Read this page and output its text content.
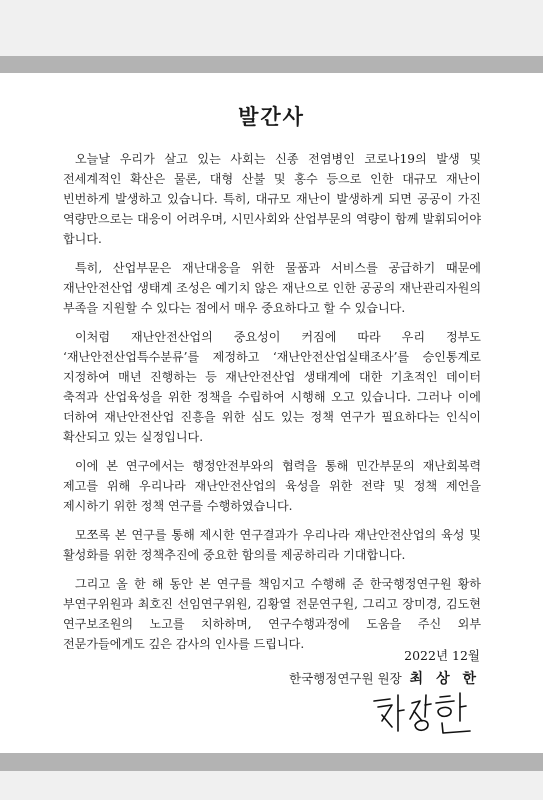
발간사

오늘날 우리가 살고 있는 사회는 신종 전염병인 코로나19의 발생 및 전세계적인 확산은 물론, 대형 산불 및 홍수 등으로 인한 대규모 재난이 빈번하게 발생하고 있습니다. 특히, 대규모 재난이 발생하게 되면 공공이 가진 역량만으로는 대응이 어려우며, 시민사회와 산업부문의 역량이 함께 발휘되어야 합니다.

특히, 산업부문은 재난대응을 위한 물품과 서비스를 공급하기 때문에 재난안전산업 생태계 조성은 예기치 않은 재난으로 인한 공공의 재난관리자원의 부족을 지원할 수 있다는 점에서 매우 중요하다고 할 수 있습니다.

이처럼 재난안전산업의 중요성이 커짐에 따라 우리 정부도 ‘재난안전산업특수분류’를 제정하고 ‘재난안전산업실태조사’를 승인통계로 지정하여 매년 진행하는 등 재난안전산업 생태계에 대한 기초적인 데이터 축적과 산업육성을 위한 정책을 수립하여 시행해 오고 있습니다. 그러나 이에 더하여 재난안전산업 진흥을 위한 심도 있는 정책 연구가 필요하다는 인식이 확산되고 있는 실정입니다.

이에 본 연구에서는 행정안전부와의 협력을 통해 민간부문의 재난회복력 제고를 위해 우리나라 재난안전산업의 육성을 위한 전략 및 정책 제언을 제시하기 위한 정책 연구를 수행하였습니다.

모쪼록 본 연구를 통해 제시한 연구결과가 우리나라 재난안전산업의 육성 및 활성화를 위한 정책추진에 중요한 함의를 제공하리라 기대합니다.

그리고 올 한 해 동안 본 연구를 책임지고 수행해 준 한국행정연구원 황하 부연구위원과 최호진 선임연구위원, 김황열 전문연구원, 그리고 장미경, 김도현 연구보조원의 노고를 치하하며, 연구수행과정에 도움을 주신 외부 전문가들에게도 깊은 감사의 인사를 드립니다.

2022년 12월
한국행정연구원 원장 최 상 한
